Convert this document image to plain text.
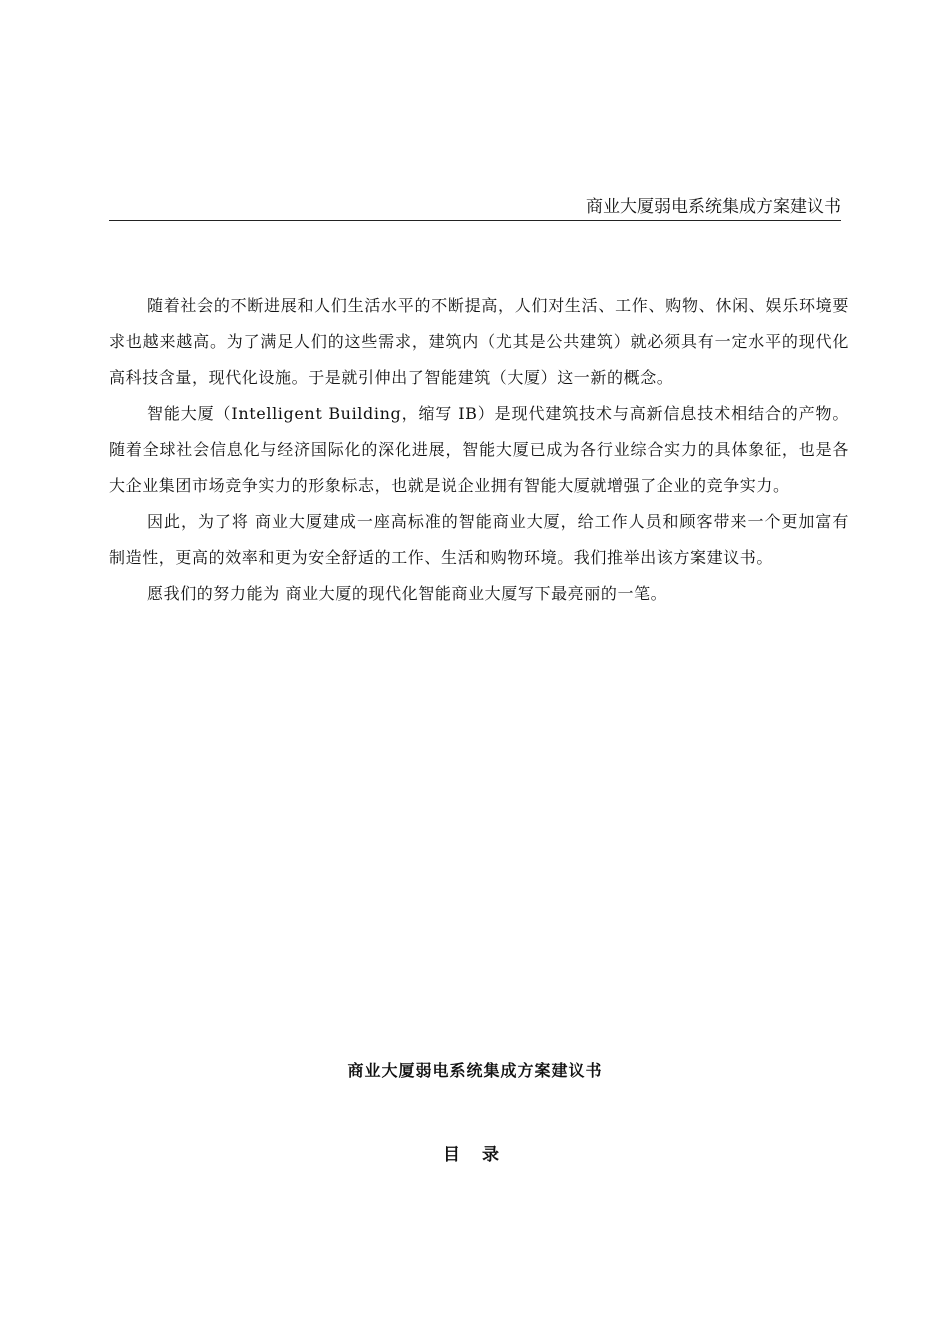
商业大厦弱电系统集成方案建议书

随着社会的不断进展和人们生活水平的不断提高，人们对生活、工作、购物、休闲、娱乐环境要求也越来越高。为了满足人们的这些需求，建筑内（尤其是公共建筑）就必须具有一定水平的现代化高科技含量，现代化设施。于是就引伸出了智能建筑（大厦）这一新的概念。

智能大厦（Intelligent Building，缩写 IB）是现代建筑技术与高新信息技术相结合的产物。随着全球社会信息化与经济国际化的深化进展，智能大厦已成为各行业综合实力的具体象征，也是各大企业集团市场竞争实力的形象标志，也就是说企业拥有智能大厦就增强了企业的竞争实力。

因此，为了将 商业大厦建成一座高标准的智能商业大厦，给工作人员和顾客带来一个更加富有制造性，更高的效率和更为安全舒适的工作、生活和购物环境。我们推举出该方案建议书。

愿我们的努力能为 商业大厦的现代化智能商业大厦写下最亮丽的一笔。

商业大厦弱电系统集成方案建议书
目 录
